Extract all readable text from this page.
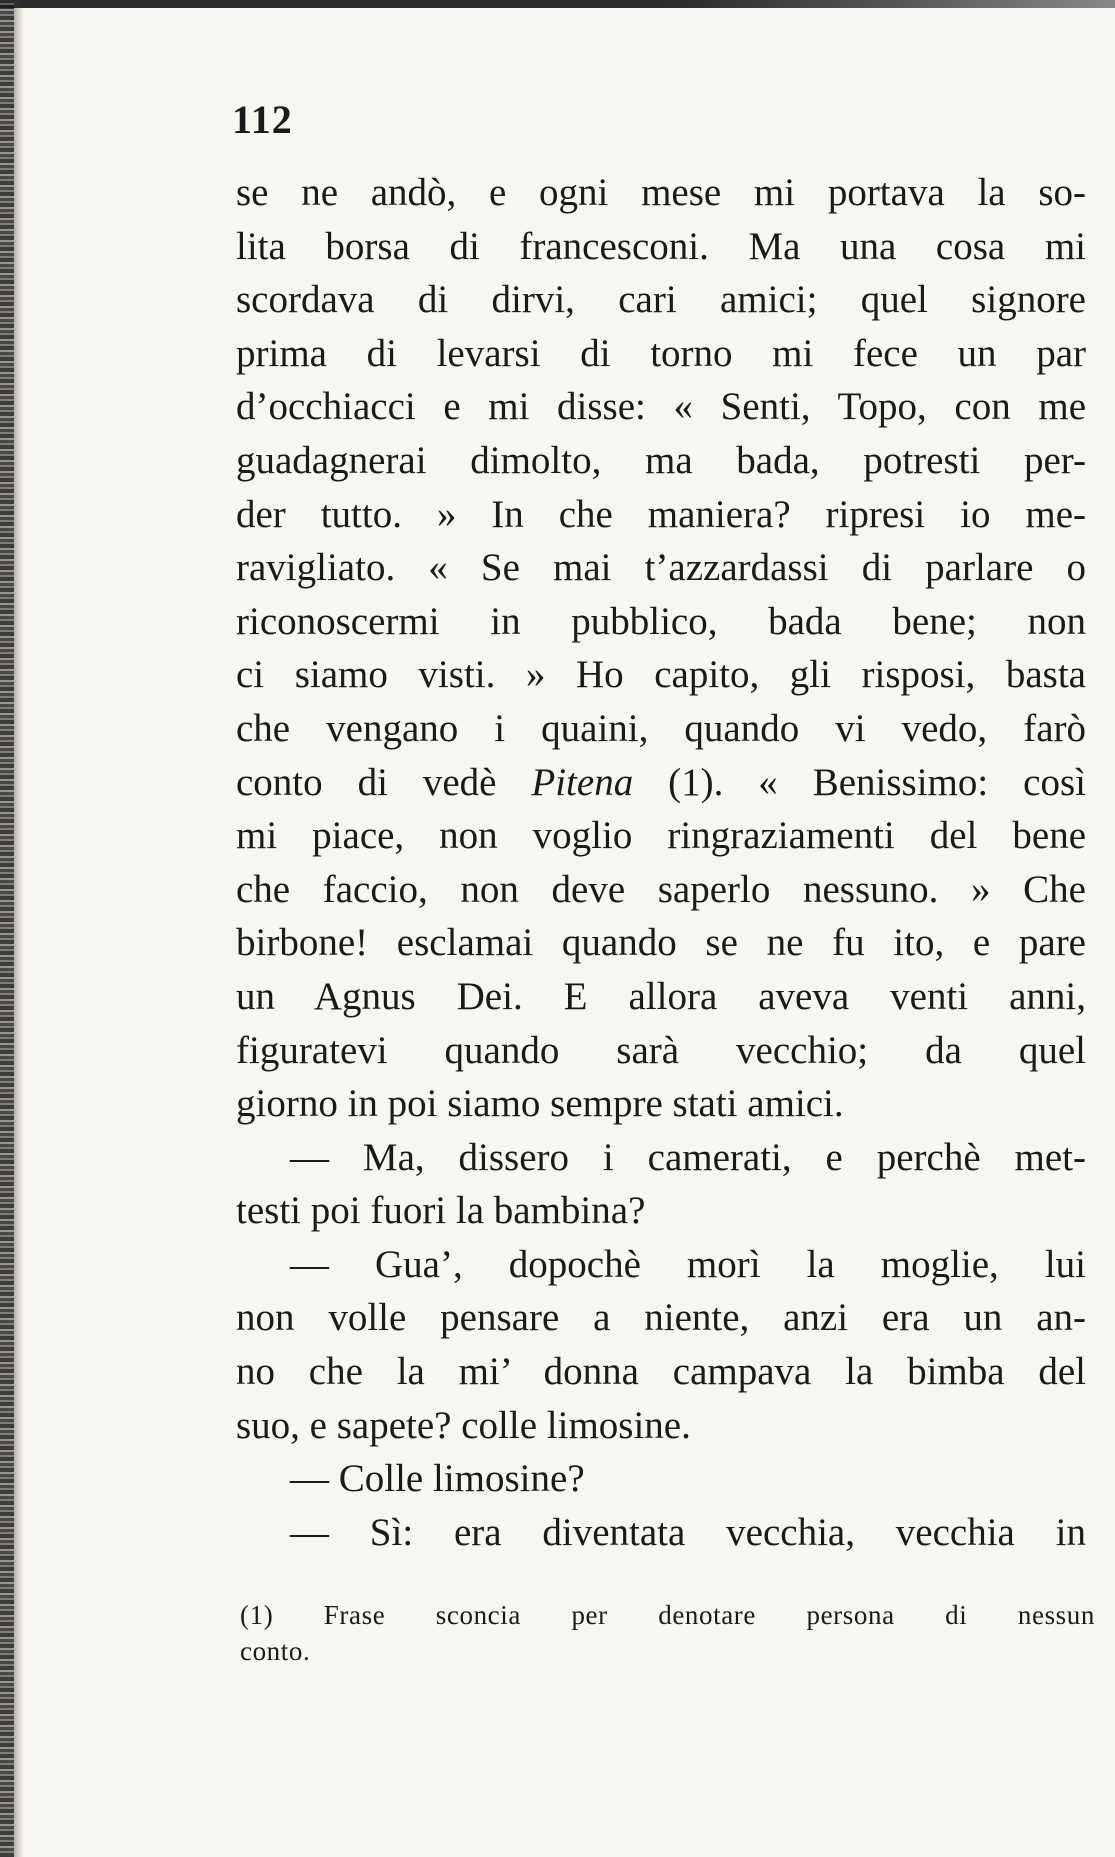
112
se ne andò, e ogni mese mi portava la so-
lita borsa di francesconi. Ma una cosa mi
scordava di dirvi, cari amici; quel signore
prima di levarsi di torno mi fece un par
d’occhiacci e mi disse: « Senti, Topo, con me
guadagnerai dimolto, ma bada, potresti per-
der tutto. » In che maniera? ripresi io me-
ravigliato. « Se mai t’azzardassi di parlare o
riconoscermi in pubblico, bada bene; non
ci siamo visti. » Ho capito, gli risposi, basta
che vengano i quaini, quando vi vedo, farò
conto di vedè Pitena (1). « Benissimo: così
mi piace, non voglio ringraziamenti del bene
che faccio, non deve saperlo nessuno. » Che
birbone! esclamai quando se ne fu ito, e pare
un Agnus Dei. E allora aveva venti anni,
figuratevi quando sarà vecchio; da quel
giorno in poi siamo sempre stati amici.
— Ma, dissero i camerati, e perchè met-
testi poi fuori la bambina?
— Gua’, dopochè morì la moglie, lui
non volle pensare a niente, anzi era un an-
no che la mi’ donna campava la bimba del
suo, e sapete? colle limosine.
— Colle limosine?
— Sì: era diventata vecchia, vecchia in
(1) Frase sconcia per denotare persona di nessun
conto.
